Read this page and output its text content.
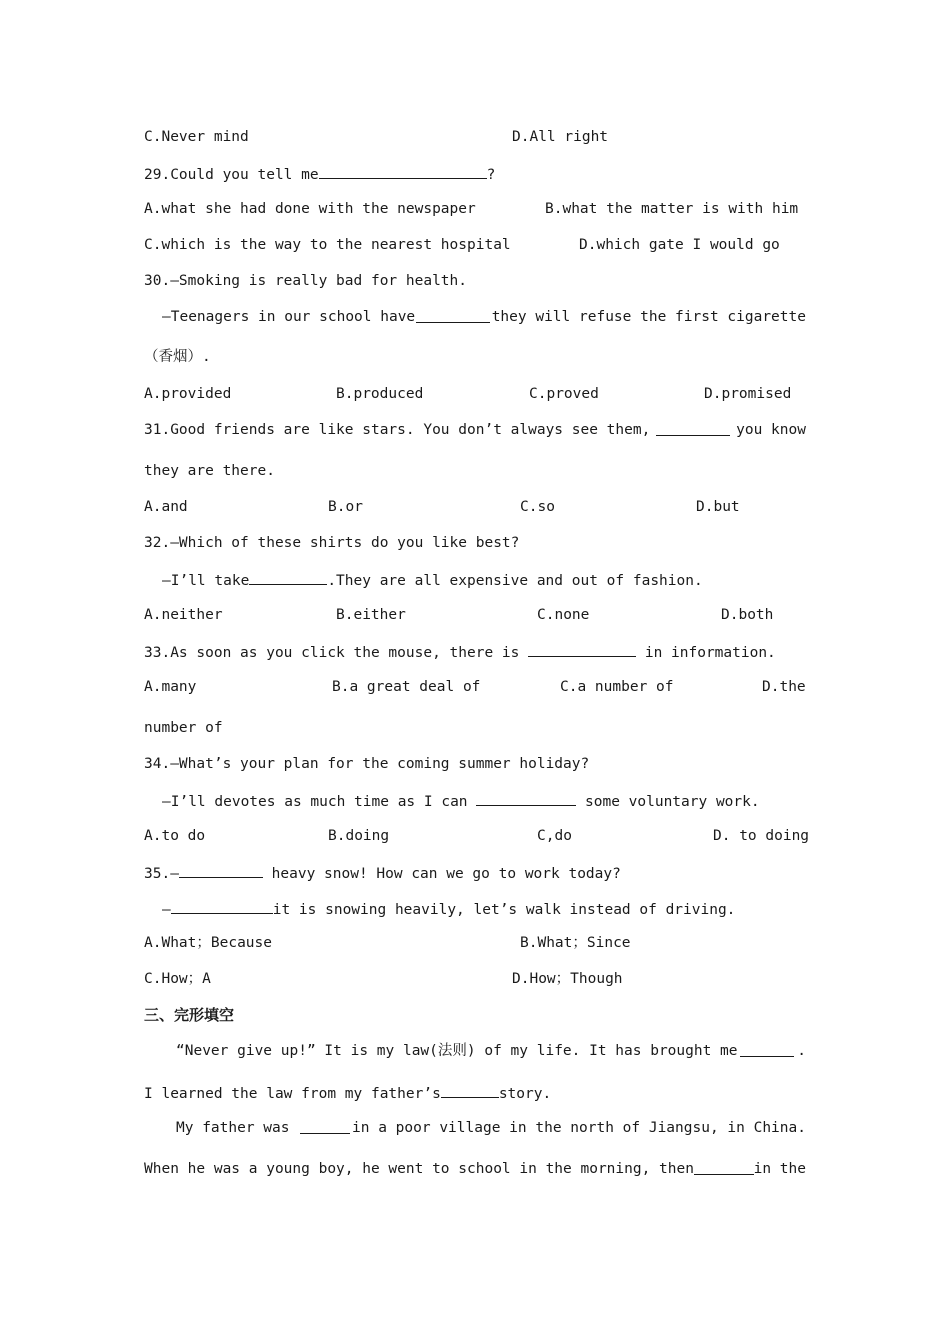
C.Never mind	D.All right
29.Could you tell me	?
A.what she had done with the newspaper	B.what the matter is with him
C.which is the way to the nearest hospital	D.which gate I would go
30.—Smoking is really bad for health.
—Teenagers in our school have	they will refuse the first cigarette
（香烟）.
A.provided	B.produced	C.proved	D.promised
31.Good friends are like stars. You don’t always see them,	you know
they are there.
A.and	B.or	C.so	D.but
32.—Which of these shirts do you like best?
—I’ll take	.They are all expensive and out of fashion.
A.neither	B.either	C.none	D.both
33.As soon as you click the mouse, there is	in information.
A.many	B.a great deal of	C.a number of	D.the
number of
34.—What’s your plan for the coming summer holiday?
—I’ll devotes as much time as I can	some voluntary work.
A.to do	B.doing	C,do	D. to doing
35.—	heavy snow! How can we go to work today?
—	it is snowing heavily, let’s walk instead of driving.
A.What；Because	B.What；Since
C.How；A	D.How；Though
三、完形填空
“Never give up!” It is my law(法则) of my life. It has brought me	.
I learned the law from my father’s	story.
My father was	in a poor village in the north of Jiangsu, in China.
When he was a young boy, he went to school in the morning, then	in the
